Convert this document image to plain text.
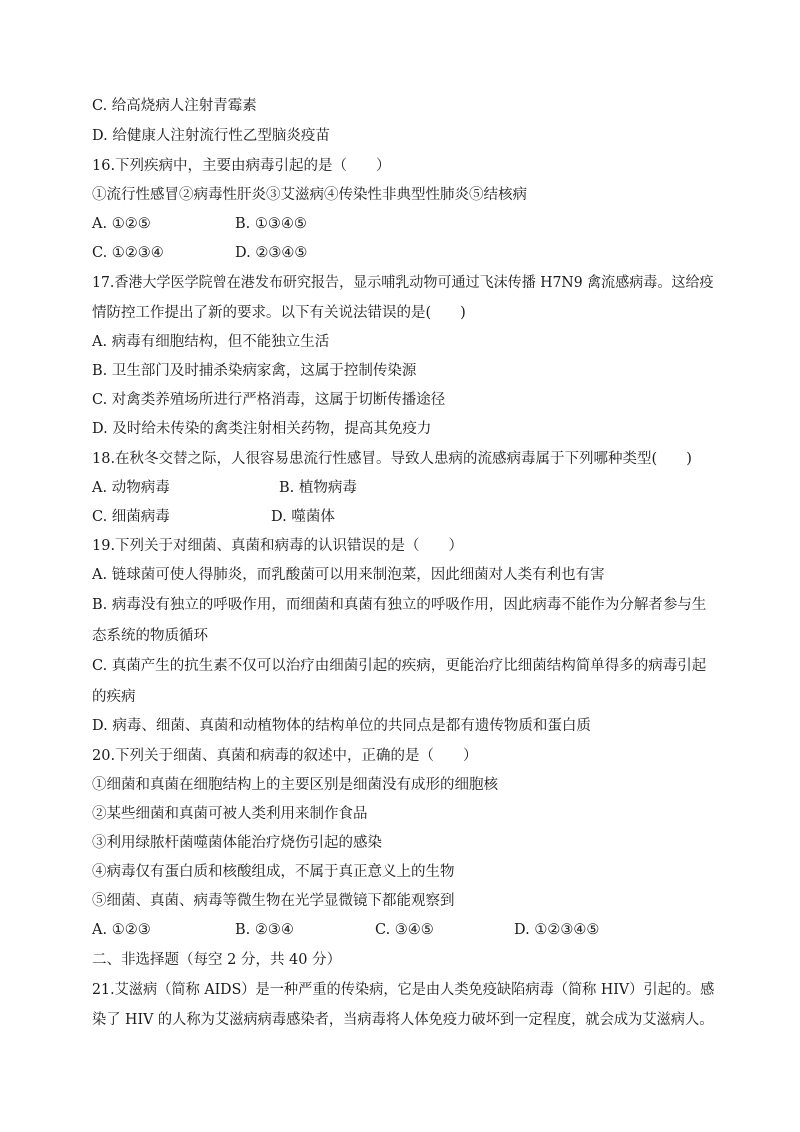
C. 给高烧病人注射青霉素
D. 给健康人注射流行性乙型脑炎疫苗
16.下列疾病中，主要由病毒引起的是（　　）
①流行性感冒②病毒性肝炎③艾滋病④传染性非典型性肺炎⑤结核病
A. ①②⑤	B. ①③④⑤
C. ①②③④	D. ②③④⑤
17.香港大学医学院曾在港发布研究报告，显示哺乳动物可通过飞沫传播 H7N9 禽流感病毒。这给疫
情防控工作提出了新的要求。以下有关说法错误的是(　　)
A. 病毒有细胞结构，但不能独立生活
B. 卫生部门及时捕杀染病家禽，这属于控制传染源
C. 对禽类养殖场所进行严格消毒，这属于切断传播途径
D. 及时给未传染的禽类注射相关药物，提高其免疫力
18.在秋冬交替之际，人很容易患流行性感冒。导致人患病的流感病毒属于下列哪种类型(　　)
A. 动物病毒	B. 植物病毒
C. 细菌病毒	D. 噬菌体
19.下列关于对细菌、真菌和病毒的认识错误的是（　　）
A. 链球菌可使人得肺炎，而乳酸菌可以用来制泡菜，因此细菌对人类有利也有害
B. 病毒没有独立的呼吸作用，而细菌和真菌有独立的呼吸作用，因此病毒不能作为分解者参与生
态系统的物质循环
C. 真菌产生的抗生素不仅可以治疗由细菌引起的疾病，更能治疗比细菌结构简单得多的病毒引起
的疾病
D. 病毒、细菌、真菌和动植物体的结构单位的共同点是都有遗传物质和蛋白质
20.下列关于细菌、真菌和病毒的叙述中，正确的是（　　）
①细菌和真菌在细胞结构上的主要区别是细菌没有成形的细胞核
②某些细菌和真菌可被人类利用来制作食品
③利用绿脓杆菌噬菌体能治疗烧伤引起的感染
④病毒仅有蛋白质和核酸组成，不属于真正意义上的生物
⑤细菌、真菌、病毒等微生物在光学显微镜下都能观察到
A. ①②③	B. ②③④	C. ③④⑤	D. ①②③④⑤
二、非选择题（每空 2 分，共 40 分）
21.艾滋病（简称 AIDS）是一种严重的传染病，它是由人类免疫缺陷病毒（简称 HIV）引起的。感
染了 HIV 的人称为艾滋病病毒感染者，当病毒将人体免疫力破坏到一定程度，就会成为艾滋病人。
